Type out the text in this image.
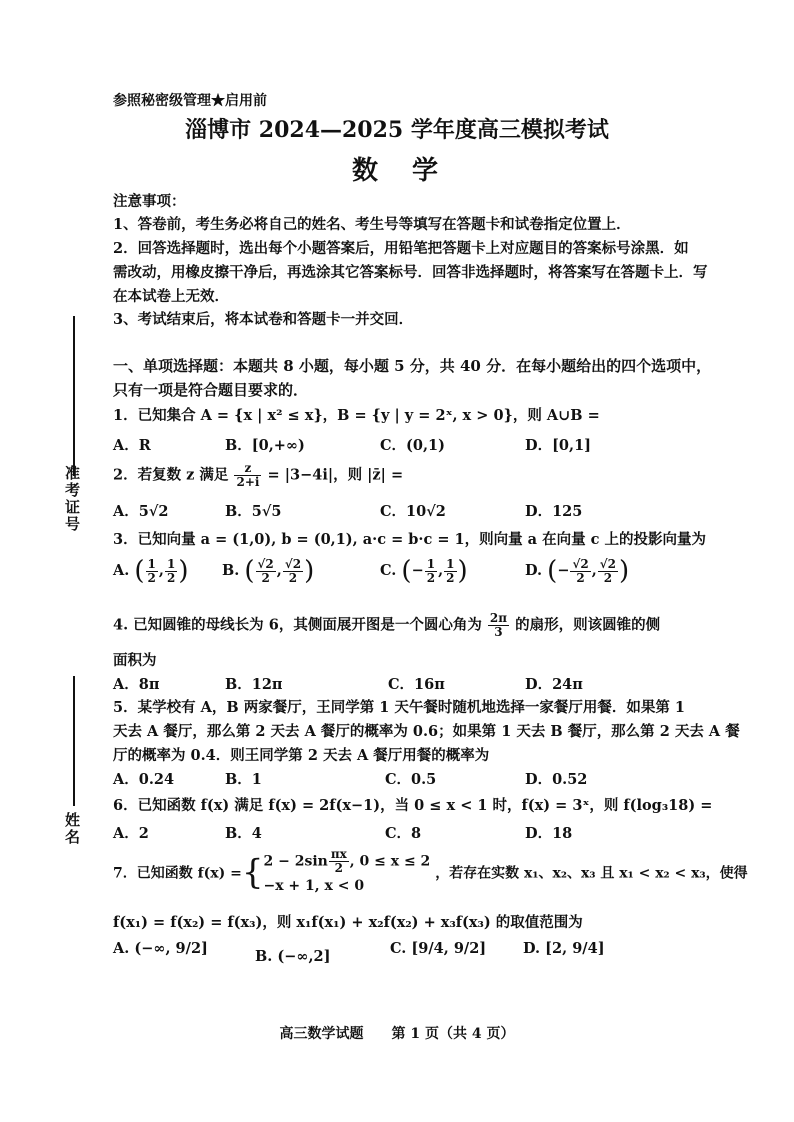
参照秘密级管理★启用前
淄博市 2024—2025 学年度高三模拟考试
数　学
注意事项：
1、答卷前，考生务必将自己的姓名、考生号等填写在答题卡和试卷指定位置上．
2．回答选择题时，选出每个小题答案后，用铅笔把答题卡上对应题目的答案标号涂黑．如
需改动，用橡皮擦干净后，再选涂其它答案标号．回答非选择题时，将答案写在答题卡上．写
在本试卷上无效．
3、考试结束后，将本试卷和答题卡一并交回．
一、单项选择题：本题共 8 小题，每小题 5 分，共 40 分．在每小题给出的四个选项中，
只有一项是符合题目要求的．
准考证号
姓名
1．已知集合 A = {x | x² ≤ x}，B = {y | y = 2ˣ, x > 0}，则 A∪B =
A．R	B．[0,+∞)	C．(0,1)	D．[0,1]
2．若复数 z 满足 $\frac{z}{2+i} = |3-4i|$，则 |z̄| =
A．5√2	B．5√5	C．10√2	D．125
3．已知向量 a = (1,0), b = (0,1), a·c = b·c = 1，则向量 a 在向量 c 上的投影向量为
A. ( $\frac{1}{2}$ , $\frac{1}{2}$ ) B. ( $\frac{√2}{2}$ , $\frac{√2}{2}$ )	C. (− $\frac{1}{2}$ , $\frac{1}{2}$ )	D. (− $\frac{√2}{2}$ , $\frac{√2}{2}$ )
4. 已知圆锥的母线长为 6，其侧面展开图是一个圆心角为 $\frac{2\pi}{3}$ 的扇形，则该圆锥的侧
面积为
A．8π	B．12π	C．16π	D．24π
5．某学校有 A，B 两家餐厅，王同学第 1 天午餐时随机地选择一家餐厅用餐．如果第 1
天去 A 餐厅，那么第 2 天去 A 餐厅的概率为 0.6；如果第 1 天去 B 餐厅，那么第 2 天去 A 餐
厅的概率为 0.4．则王同学第 2 天去 A 餐厅用餐的概率为
A．0.24	B．1	C．0.5	D．0.52
6．已知函数 f(x) 满足 f(x) = 2f(x−1)，当 0 ≤ x < 1 时，f(x) = 3ˣ，则 f(log₃18) =
A．2	B．4	C．8	D．18
7．已知函数 f(x) ={ $2 - 2\sin \frac{\pi x}{2}$ , 0 ≤ x ≤ 2
−x + 1, x < 0
，若存在实数 x₁、x₂、x₃ 且 x₁ < x₂ < x₃，使得
f(x₁) = f(x₂) = f(x₃)，则 x₁f(x₁) + x₂f(x₂) + x₃f(x₃) 的取值范围为
A. (−∞, 9/2]	B. (−∞,2]	C. [9/4, 9/2]	D. [2, 9/4]
高三数学试题　　第 1 页（共 4 页）
